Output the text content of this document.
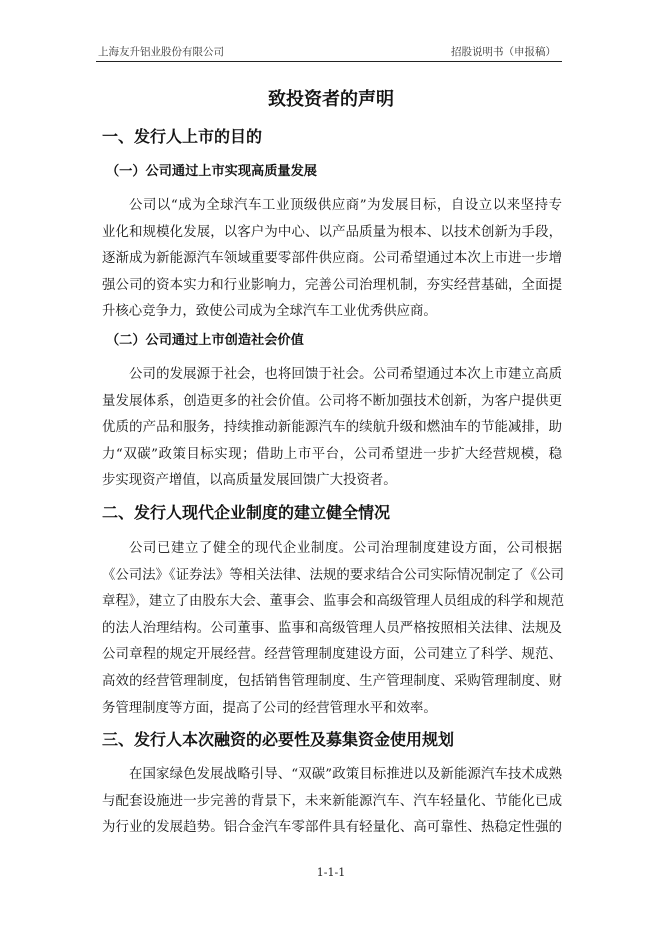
上海友升铝业股份有限公司	招股说明书（申报稿）
致投资者的声明
一、发行人上市的目的
（一）公司通过上市实现高质量发展
公司以“成为全球汽车工业顶级供应商”为发展目标，自设立以来坚持专
业化和规模化发展，以客户为中心、以产品质量为根本、以技术创新为手段，
逐渐成为新能源汽车领域重要零部件供应商。公司希望通过本次上市进一步增
强公司的资本实力和行业影响力，完善公司治理机制，夯实经营基础，全面提
升核心竞争力，致使公司成为全球汽车工业优秀供应商。
（二）公司通过上市创造社会价值
公司的发展源于社会，也将回馈于社会。公司希望通过本次上市建立高质
量发展体系，创造更多的社会价值。公司将不断加强技术创新，为客户提供更
优质的产品和服务，持续推动新能源汽车的续航升级和燃油车的节能减排，助
力“双碳”政策目标实现；借助上市平台，公司希望进一步扩大经营规模，稳
步实现资产增值，以高质量发展回馈广大投资者。
二、发行人现代企业制度的建立健全情况
公司已建立了健全的现代企业制度。公司治理制度建设方面，公司根据
《公司法》《证券法》等相关法律、法规的要求结合公司实际情况制定了《公司
章程》，建立了由股东大会、董事会、监事会和高级管理人员组成的科学和规范
的法人治理结构。公司董事、监事和高级管理人员严格按照相关法律、法规及
公司章程的规定开展经营。经营管理制度建设方面，公司建立了科学、规范、
高效的经营管理制度，包括销售管理制度、生产管理制度、采购管理制度、财
务管理制度等方面，提高了公司的经营管理水平和效率。
三、发行人本次融资的必要性及募集资金使用规划
在国家绿色发展战略引导、“双碳”政策目标推进以及新能源汽车技术成熟
与配套设施进一步完善的背景下，未来新能源汽车、汽车轻量化、节能化已成
为行业的发展趋势。铝合金汽车零部件具有轻量化、高可靠性、热稳定性强的
1-1-1
